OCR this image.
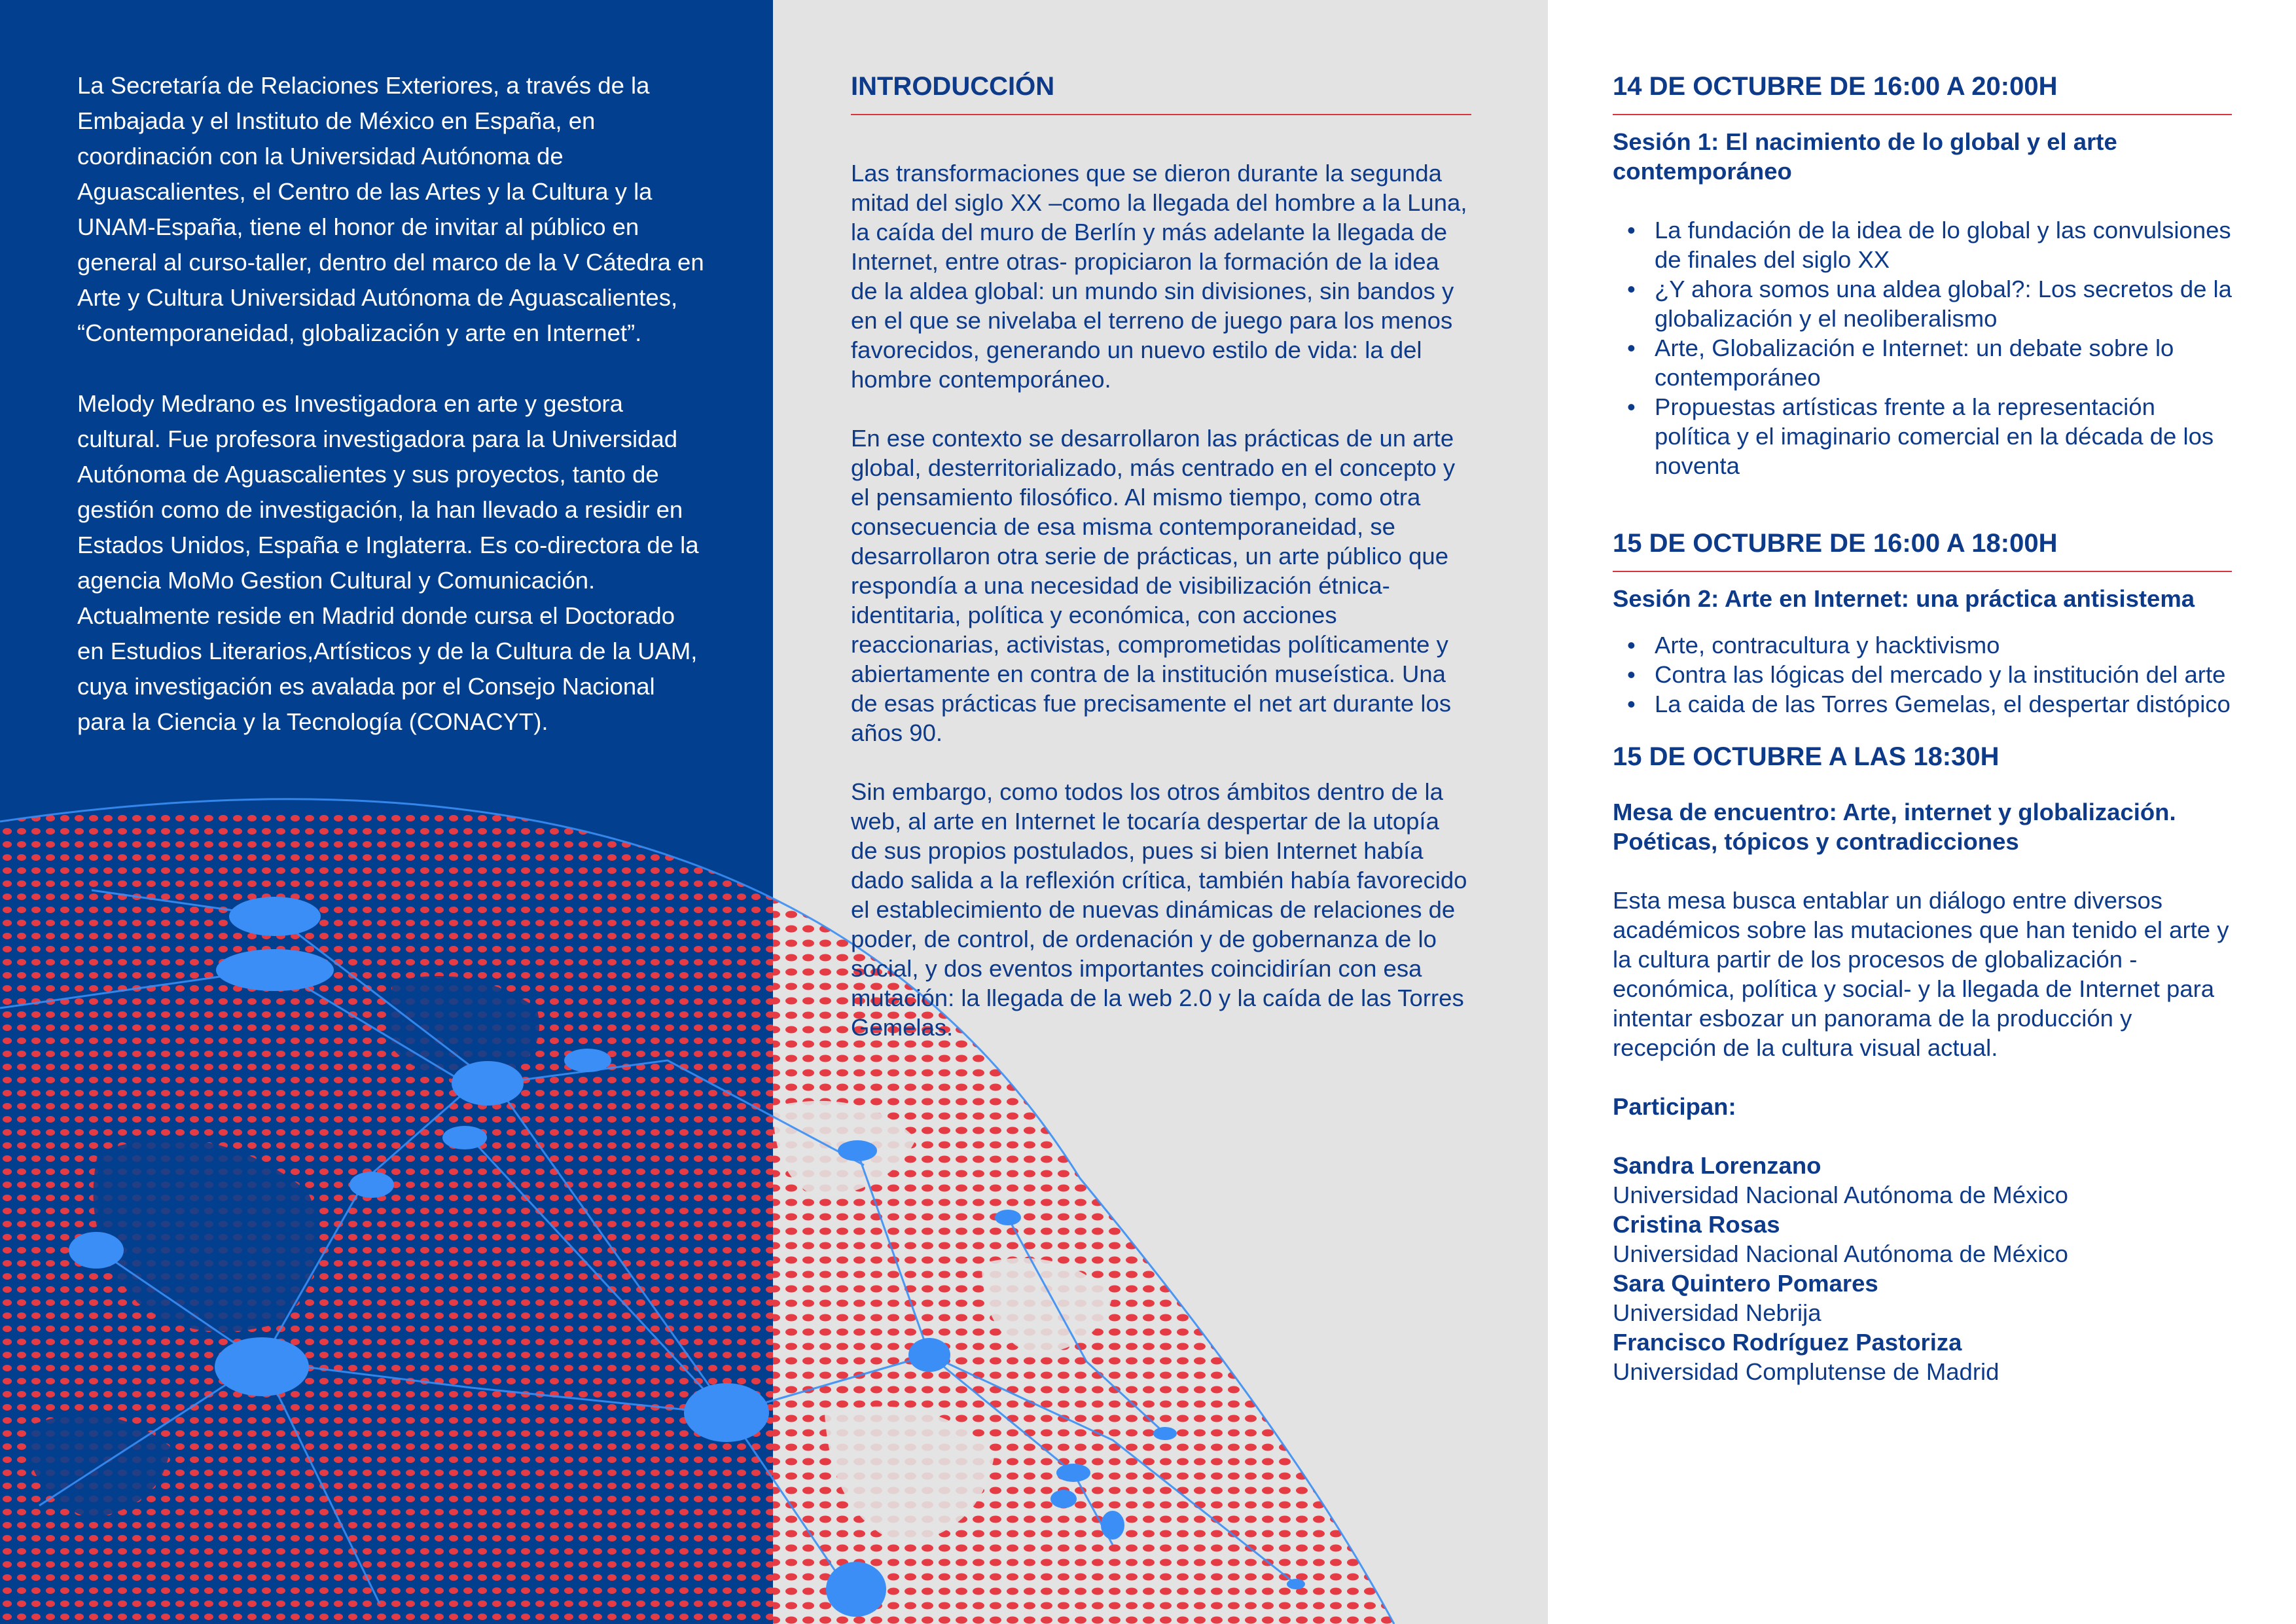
La Secretaría de Relaciones Exteriores, a través de la Embajada y el Instituto de México en España, en coordinación con la Universidad Autónoma de Aguascalientes, el Centro de las Artes y la Cultura y la UNAM-España, tiene el honor de invitar al público en general al curso-taller, dentro del marco de la V Cátedra en Arte y Cultura Universidad Autónoma de Aguascalientes, “Contemporaneidad, globalización y arte en Internet”.

Melody Medrano es Investigadora en arte y gestora cultural. Fue profesora investigadora para la Universidad Autónoma de Aguascalientes y sus proyectos, tanto de gestión como de investigación, la han llevado a residir en Estados Unidos, España e Inglaterra. Es co-directora de la agencia MoMo Gestion Cultural y Comunicación. Actualmente reside en Madrid donde cursa el Doctorado en Estudios Literarios,Artísticos y de la Cultura de la UAM, cuya investigación es avalada por el Consejo Nacional para la Ciencia y la Tecnología (CONACYT).

INTRODUCCIÓN

Las transformaciones que se dieron durante la segunda mitad del siglo XX –como la llegada del hombre a la Luna, la caída del muro de Berlín y más adelante la llegada de Internet, entre otras- propiciaron la formación de la idea de la aldea global: un mundo sin divisiones, sin bandos y en el que se nivelaba el terreno de juego para los menos favorecidos, generando un nuevo estilo de vida: la del hombre contemporáneo.

En ese contexto se desarrollaron las prácticas de un arte global, desterritorializado, más centrado en el concepto y el pensamiento filosófico. Al mismo tiempo, como otra consecuencia de esa misma contemporaneidad, se desarrollaron otra serie de prácticas, un arte público que respondía a una necesidad de visibilización étnica-identitaria, política y económica, con acciones reaccionarias, activistas, comprometidas políticamente y abiertamente en contra de la institución museística. Una de esas prácticas fue precisamente el net art durante los años 90.

Sin embargo, como todos los otros ámbitos dentro de la web, al arte en Internet le tocaría despertar de la utopía de sus propios postulados, pues si bien Internet había dado salida a la reflexión crítica, también había favorecido el establecimiento de nuevas dinámicas de relaciones de poder, de control, de ordenación y de gobernanza de lo social, y dos eventos importantes coincidirían con esa mutación: la llegada de la web 2.0 y la caída de las Torres Gemelas.

14 DE OCTUBRE DE 16:00 A 20:00H

Sesión 1: El nacimiento de lo global y el arte contemporáneo

• La fundación de la idea de lo global y las convulsiones de finales del siglo XX
• ¿Y ahora somos una aldea global?: Los secretos de la globalización y el neoliberalismo
• Arte, Globalización e Internet: un debate sobre lo contemporáneo
• Propuestas artísticas frente a la representación política y el imaginario comercial en la década de los noventa
15 DE OCTUBRE DE 16:00 A 18:00H

Sesión 2: Arte en Internet: una práctica antisistema

• Arte, contracultura y hacktivismo
• Contra las lógicas del mercado y la institución del arte
• La caida de las Torres Gemelas, el despertar distópico
15 DE OCTUBRE A LAS 18:30H

Mesa de encuentro: Arte, internet y globalización. Poéticas, tópicos y contradicciones

Esta mesa busca entablar un diálogo entre diversos académicos sobre las mutaciones que han tenido el arte y la cultura partir de los procesos de globalización -económica, política y social- y la llegada de Internet para intentar esbozar un panorama de la producción y recepción de la cultura visual actual.

Participan:

Sandra Lorenzano

Universidad Nacional Autónoma de México

Cristina Rosas

Universidad Nacional Autónoma de México

Sara Quintero Pomares

Universidad Nebrija

Francisco Rodríguez Pastoriza

Universidad Complutense de Madrid
